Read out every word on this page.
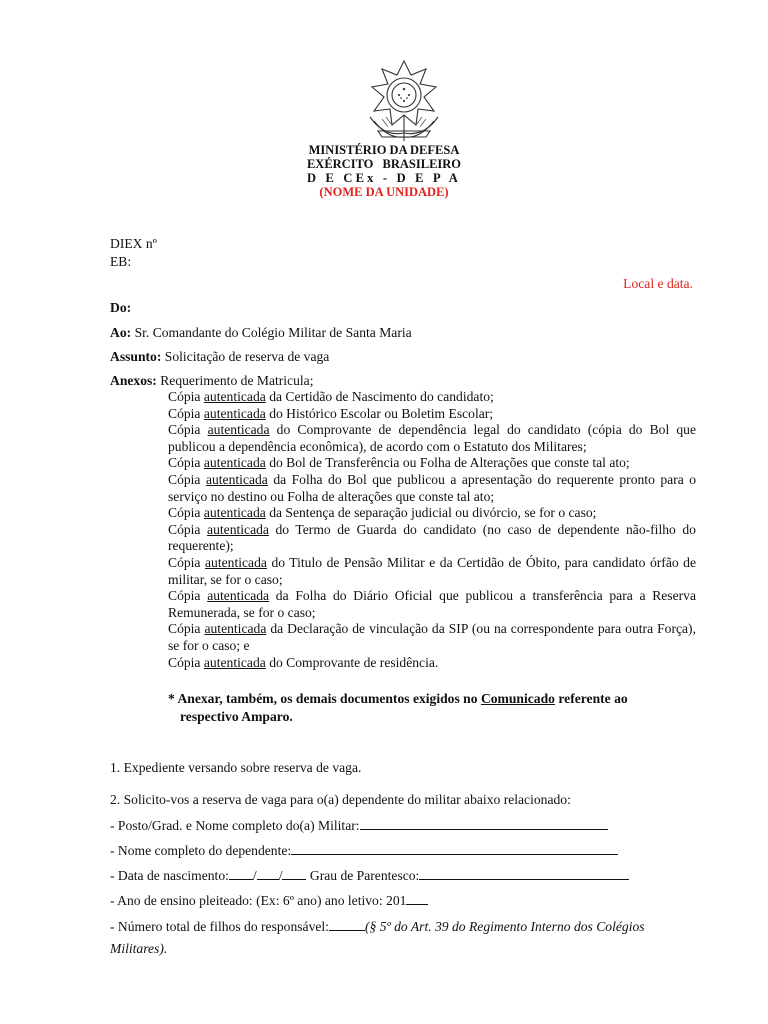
MINISTÉRIO DA DEFESA
EXÉRCITO BRASILEIRO
D E CEx - D E P A
(NOME DA UNIDADE)
DIEX nº
EB:
Local e data.
Do:
Ao: Sr. Comandante do Colégio Militar de Santa Maria
Assunto: Solicitação de reserva de vaga
Anexos: Requerimento de Matricula;
Cópia autenticada da Certidão de Nascimento do candidato;
Cópia autenticada do Histórico Escolar ou Boletim Escolar;
Cópia autenticada do Comprovante de dependência legal do candidato (cópia do Bol que publicou a dependência econômica), de acordo com o Estatuto dos Militares;
Cópia autenticada do Bol de Transferência ou Folha de Alterações que conste tal ato;
Cópia autenticada da Folha do Bol que publicou a apresentação do requerente pronto para o serviço no destino ou Folha de alterações que conste tal ato;
Cópia autenticada da Sentença de separação judicial ou divórcio, se for o caso;
Cópia autenticada do Termo de Guarda do candidato (no caso de dependente não-filho do requerente);
Cópia autenticada do Titulo de Pensão Militar e da Certidão de Óbito, para candidato órfão de militar, se for o caso;
Cópia autenticada da Folha do Diário Oficial que publicou a transferência para a Reserva Remunerada, se for o caso;
Cópia autenticada da Declaração de vinculação da SIP (ou na correspondente para outra Força), se for o caso; e
Cópia autenticada do Comprovante de residência.
* Anexar, também, os demais documentos exigidos no Comunicado referente ao
respectivo Amparo.
1. Expediente versando sobre reserva de vaga.
2. Solicito-vos a reserva de vaga para o(a) dependente do militar abaixo relacionado:
- Posto/Grad. e Nome completo do(a) Militar:
- Nome completo do dependente:
- Data de nascimento: / / Grau de Parentesco:
- Ano de ensino pleiteado: (Ex: 6º ano) ano letivo: 201
- Número total de filhos do responsável:	(§ 5º do Art. 39 do Regimento Interno dos Colégios Militares).
